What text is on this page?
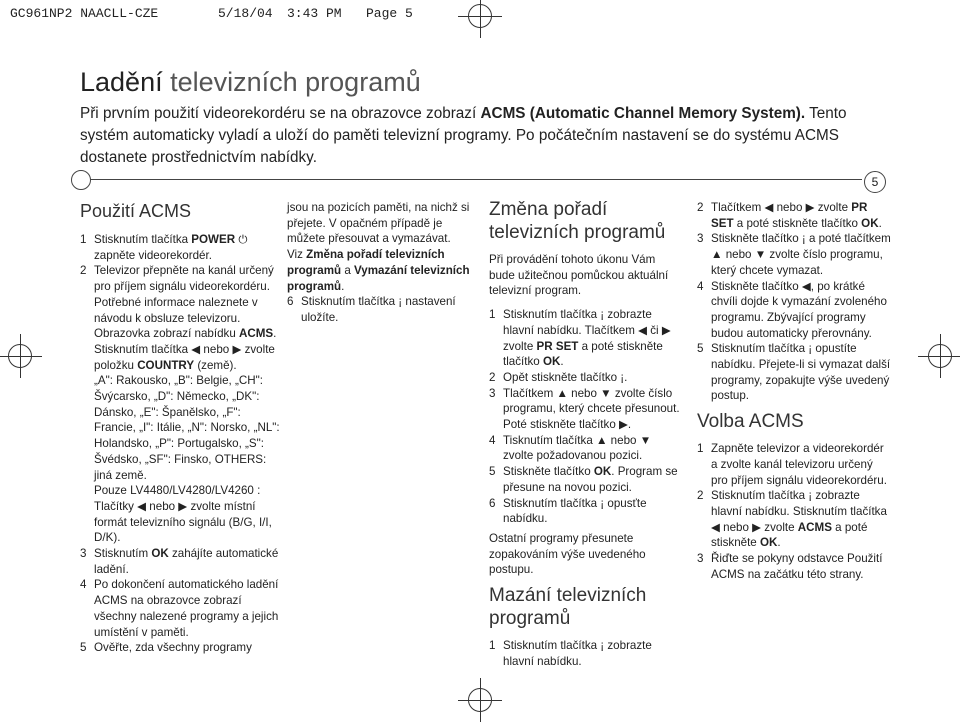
GC961NP2 NAACLL-CZE	5/18/04 3:43 PM Page 5
Ladění televizních programů
Při prvním použití videorekordéru se na obrazovce zobrazí ACMS (Automatic Channel Memory System). Tento systém automaticky vyladí a uloží do paměti televizní programy. Po počátečním nastavení se do systému ACMS dostanete prostřednictvím nabídky.
5
Použití ACMS
1 Stisknutím tlačítka POWER ⏻ zapněte videorekordér.
2 Televizor přepněte na kanál určený pro příjem signálu videorekordéru. Potřebné informace naleznete v návodu k obsluze televizoru. Obrazovka zobrazí nabídku ACMS. Stisknutím tlačítka ◀ nebo ▶ zvolte položku COUNTRY (země).
„A": Rakousko, „B": Belgie, „CH": Švýcarsko, „D": Německo, „DK": Dánsko, „E": Španělsko, „F": Francie, „I": Itálie, „N": Norsko, „NL": Holandsko, „P": Portugalsko, „S": Švédsko, „SF": Finsko, OTHERS: jiná země.
Pouze LV4480/LV4280/LV4260 : Tlačítky ◀ nebo ▶ zvolte místní formát televizního signálu (B/G, I/I, D/K).
3 Stisknutím OK zahájíte automatické ladění.
4 Po dokončení automatického ladění ACMS na obrazovce zobrazí všechny nalezené programy a jejich umístění v paměti.
5 Ověřte, zda všechny programy

jsou na pozicích paměti, na nichž si přejete. V opačném případě je můžete přesouvat a vymazávat.

Viz Změna pořadí televizních programů a Vymazání televizních programů.

6 Stisknutím tlačítka ¡ nastavení uložíte.
Změna pořadí televizních programů

Při provádění tohoto úkonu Vám bude užitečnou pomůckou aktuální televizní program.

1 Stisknutím tlačítka ¡ zobrazte hlavní nabídku. Tlačítkem ◀ či ▶ zvolte PR SET a poté stiskněte tlačítko OK.
2 Opět stiskněte tlačítko ¡.
3 Tlačítkem ▲ nebo ▼ zvolte číslo programu, který chcete přesunout. Poté stiskněte tlačítko ▶.
4 Tisknutím tlačítka ▲ nebo ▼ zvolte požadovanou pozici.
5 Stiskněte tlačítko OK. Program se přesune na novou pozici.
6 Stisknutím tlačítka ¡ opusťte nabídku.

Ostatní programy přesunete zopakováním výše uvedeného postupu.

Mazání televizních programů
1 Stisknutím tlačítka ¡ zobrazte hlavní nabídku.
2 Tlačítkem ◀ nebo ▶ zvolte PR SET a poté stiskněte tlačítko OK.
3 Stiskněte tlačítko ¡ a poté tlačítkem ▲ nebo ▼ zvolte číslo programu, který chcete vymazat.
4 Stiskněte tlačítko ◀, po krátké chvíli dojde k vymazání zvoleného programu. Zbývající programy budou automaticky přerovnány.
5 Stisknutím tlačítka ¡ opustíte nabídku. Přejete-li si vymazat další programy, zopakujte výše uvedený postup.
Volba ACMS
1 Zapněte televizor a videorekordér a zvolte kanál televizoru určený pro příjem signálu videorekordéru.
2 Stisknutím tlačítka ¡ zobrazte hlavní nabídku. Stisknutím tlačítka ◀ nebo ▶ zvolte ACMS a poté stiskněte OK.
3 Řiďte se pokyny odstavce Použití ACMS na začátku této strany.
